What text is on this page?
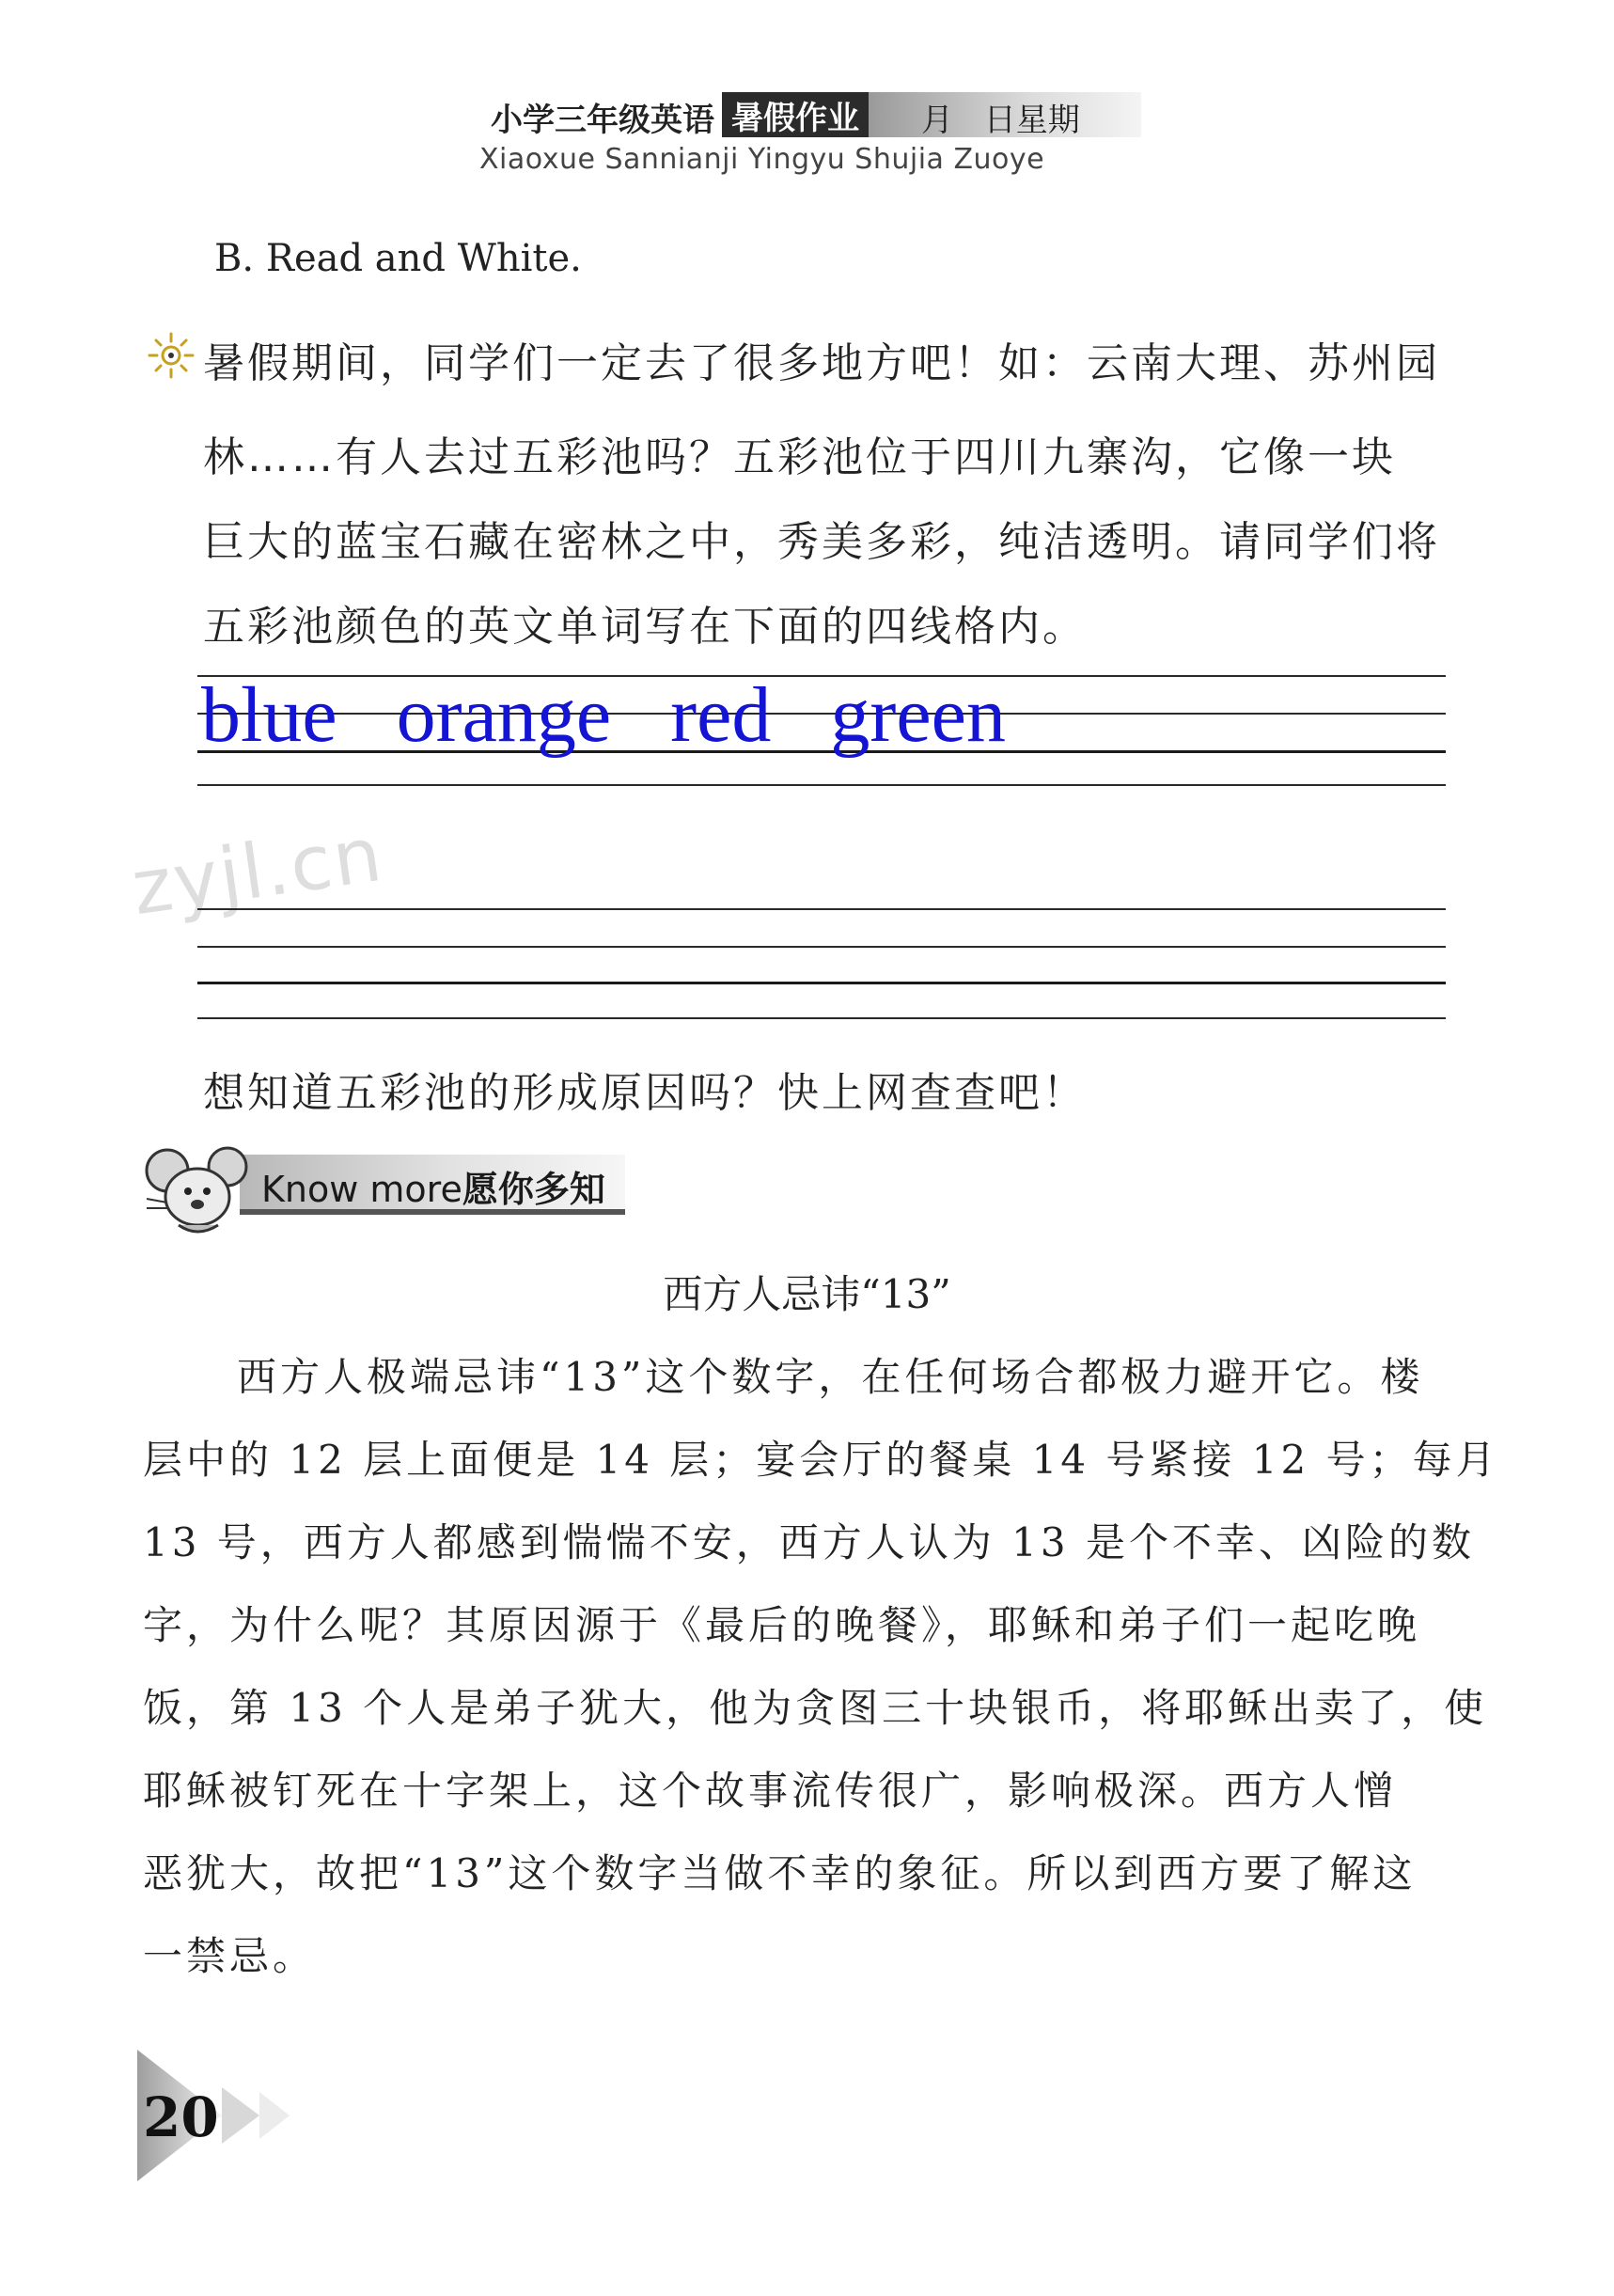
小学三年级英语 暑假作业 月 日星期
Xiaoxue Sannianji Yingyu Shujia Zuoye
B. Read and White.
暑假期间，同学们一定去了很多地方吧！如：云南大理、苏州园
林……有人去过五彩池吗？五彩池位于四川九寨沟，它像一块
巨大的蓝宝石藏在密林之中，秀美多彩，纯洁透明。请同学们将
五彩池颜色的英文单词写在下面的四线格内。
blue orange red green
zyjl.cn
想知道五彩池的形成原因吗？快上网查查吧！
Know more愿你多知
西方人忌讳“13”
西方人极端忌讳“13”这个数字，在任何场合都极力避开它。楼
层中的 12 层上面便是 14 层；宴会厅的餐桌 14 号紧接 12 号；每月
13 号，西方人都感到惴惴不安，西方人认为 13 是个不幸、凶险的数
字，为什么呢？其原因源于《最后的晚餐》，耶稣和弟子们一起吃晚
饭，第 13 个人是弟子犹大，他为贪图三十块银币，将耶稣出卖了，使
耶稣被钉死在十字架上，这个故事流传很广，影响极深。西方人憎
恶犹大，故把“13”这个数字当做不幸的象征。所以到西方要了解这
一禁忌。
20
